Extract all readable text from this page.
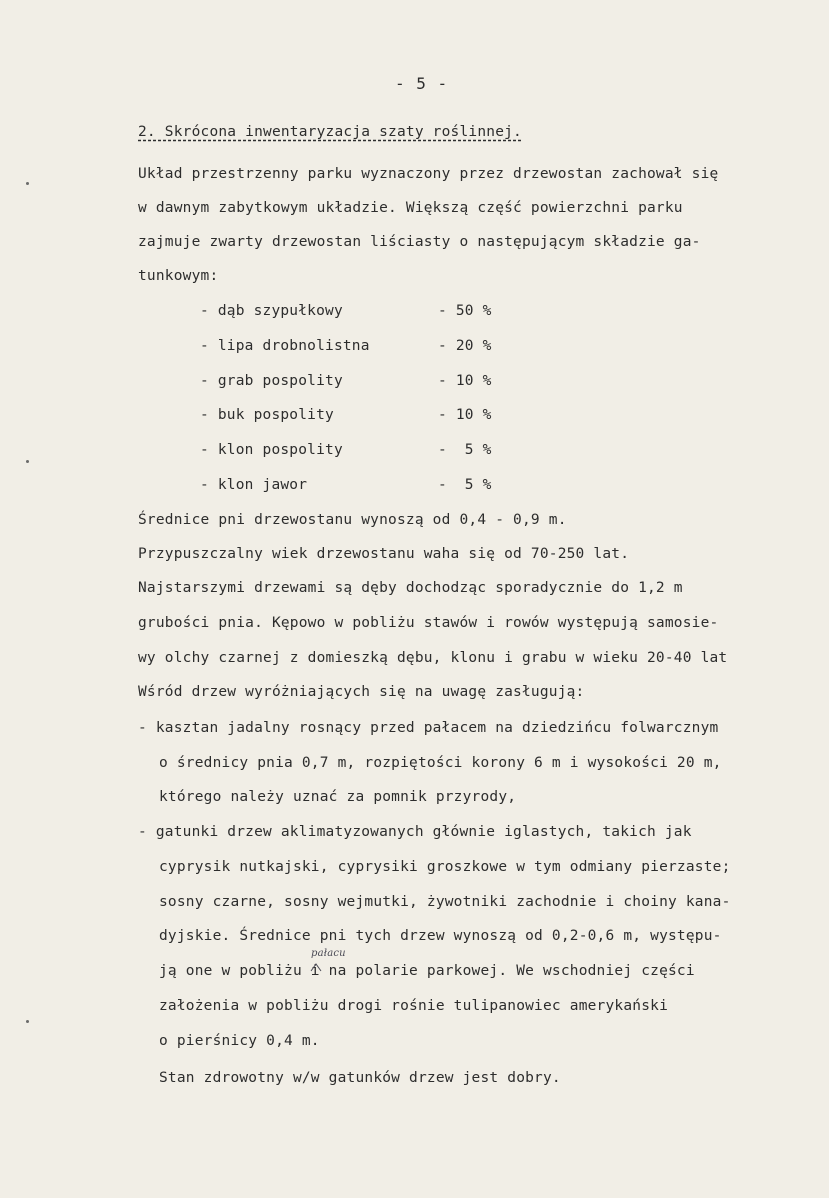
- 5 -
2. Skrócona inwentaryzacja szaty roślinnej.
Układ przestrzenny parku wyznaczony przez drzewostan zachował się
w dawnym zabytkowym układzie. Większą część powierzchni parku
zajmuje zwarty drzewostan liściasty o następującym składzie ga-
tunkowym:
- dąb szypułkowy	- 50 %
- lipa drobnolistna	- 20 %
- grab pospolity	- 10 %
- buk pospolity	- 10 %
- klon pospolity	-  5 %
- klon jawor	-  5 %
Średnice pni drzewostanu wynoszą od 0,4 - 0,9 m.
Przypuszczalny wiek drzewostanu waha się od 70-250 lat.
Najstarszymi drzewami są dęby dochodząc sporadycznie do 1,2 m
grubości pnia. Kępowo w pobliżu stawów i rowów występują samosie-
wy olchy czarnej z domieszką dębu, klonu i grabu w wieku 20-40 lat
Wśród drzew wyróżniających się na uwagę zasługują:
- kasztan jadalny rosnący przed pałacem na dziedzińcu folwarcznym
o średnicy pnia 0,7 m, rozpiętości korony 6 m i wysokości 20 m,
którego należy uznać za pomnik przyrody,
- gatunki drzew aklimatyzowanych głównie iglastych, takich jak
cyprysik nutkajski, cyprysiki groszkowe w tym odmiany pierzaste;
sosny czarne, sosny wejmutki, żywotniki zachodnie i choiny kana-
dyjskie. Średnice pni tych drzew wynoszą od 0,2-0,6 m, występu-
ją one w pobliżu i na polarie parkowej. We wschodniej części
założenia w pobliżu drogi rośnie tulipanowiec amerykański
o pierśnicy 0,4 m.
pałacu
Stan zdrowotny w/w gatunków drzew jest dobry.
